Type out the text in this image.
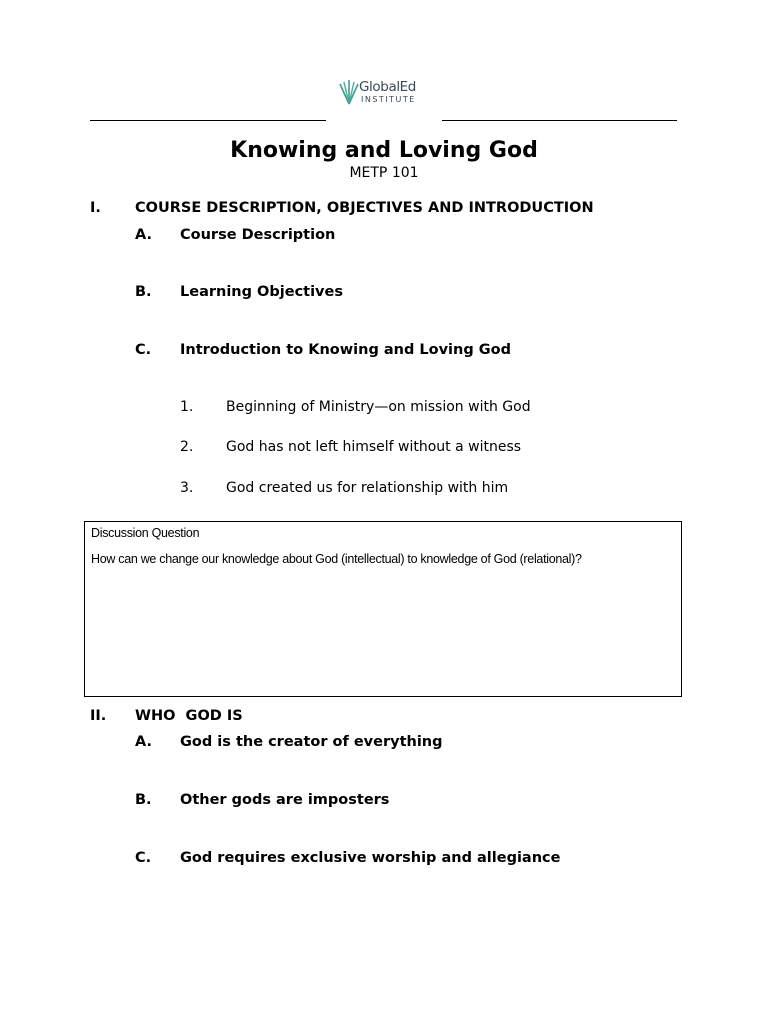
GlobalEd
INSTITUTE
Knowing and Loving God
METP 101
I. COURSE DESCRIPTION, OBJECTIVES AND INTRODUCTION
A. Course Description
B. Learning Objectives
C. Introduction to Knowing and Loving God
1. Beginning of Ministry—on mission with God
2. God has not left himself without a witness
3. God created us for relationship with him
Discussion Question
How can we change our knowledge about God (intellectual) to knowledge of God (relational)?
II. WHO  GOD IS
A. God is the creator of everything
B. Other gods are imposters
C. God requires exclusive worship and allegiance
